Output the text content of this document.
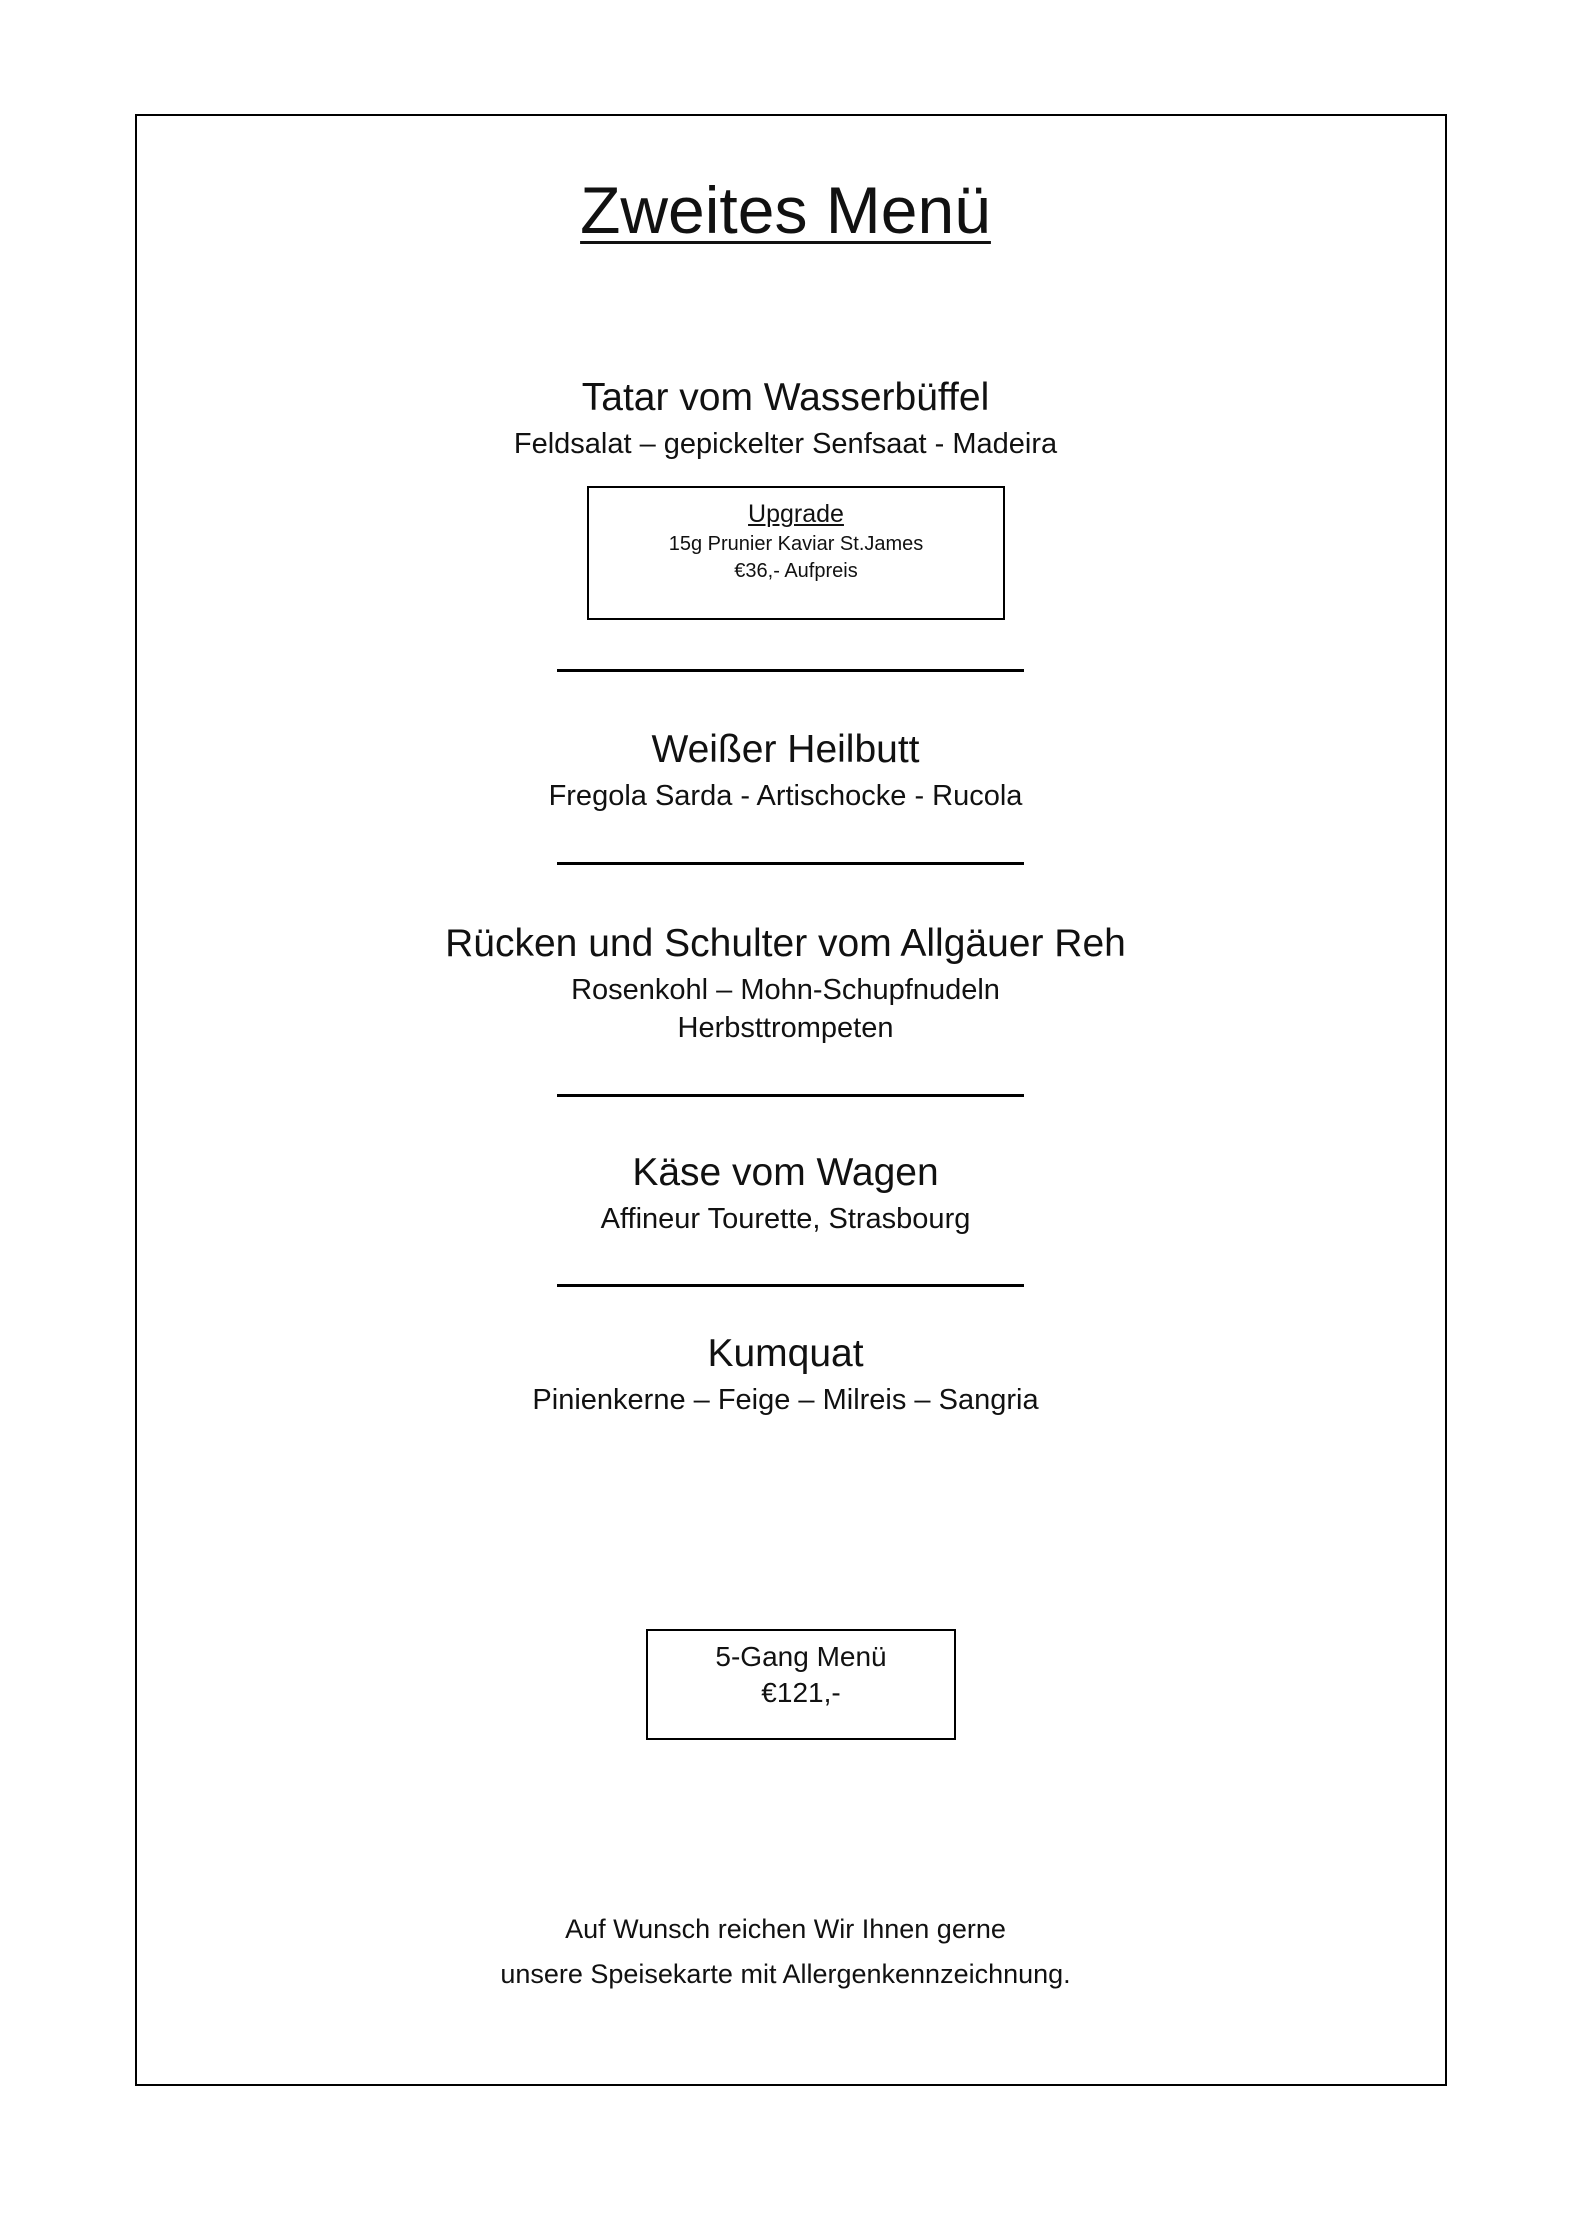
Zweites Menü
Tatar vom Wasserbüffel
Feldsalat – gepickelter Senfsaat - Madeira
Upgrade
15g Prunier Kaviar St.James
€36,- Aufpreis
Weißer Heilbutt
Fregola Sarda - Artischocke - Rucola
Rücken und Schulter vom Allgäuer Reh
Rosenkohl – Mohn-Schupfnudeln
Herbsttrompeten
Käse vom Wagen
Affineur Tourette, Strasbourg
Kumquat
Pinienkerne – Feige – Milreis – Sangria
5-Gang Menü
€121,-
Auf Wunsch reichen Wir Ihnen gerne
unsere Speisekarte mit Allergenkennzeichnung.
